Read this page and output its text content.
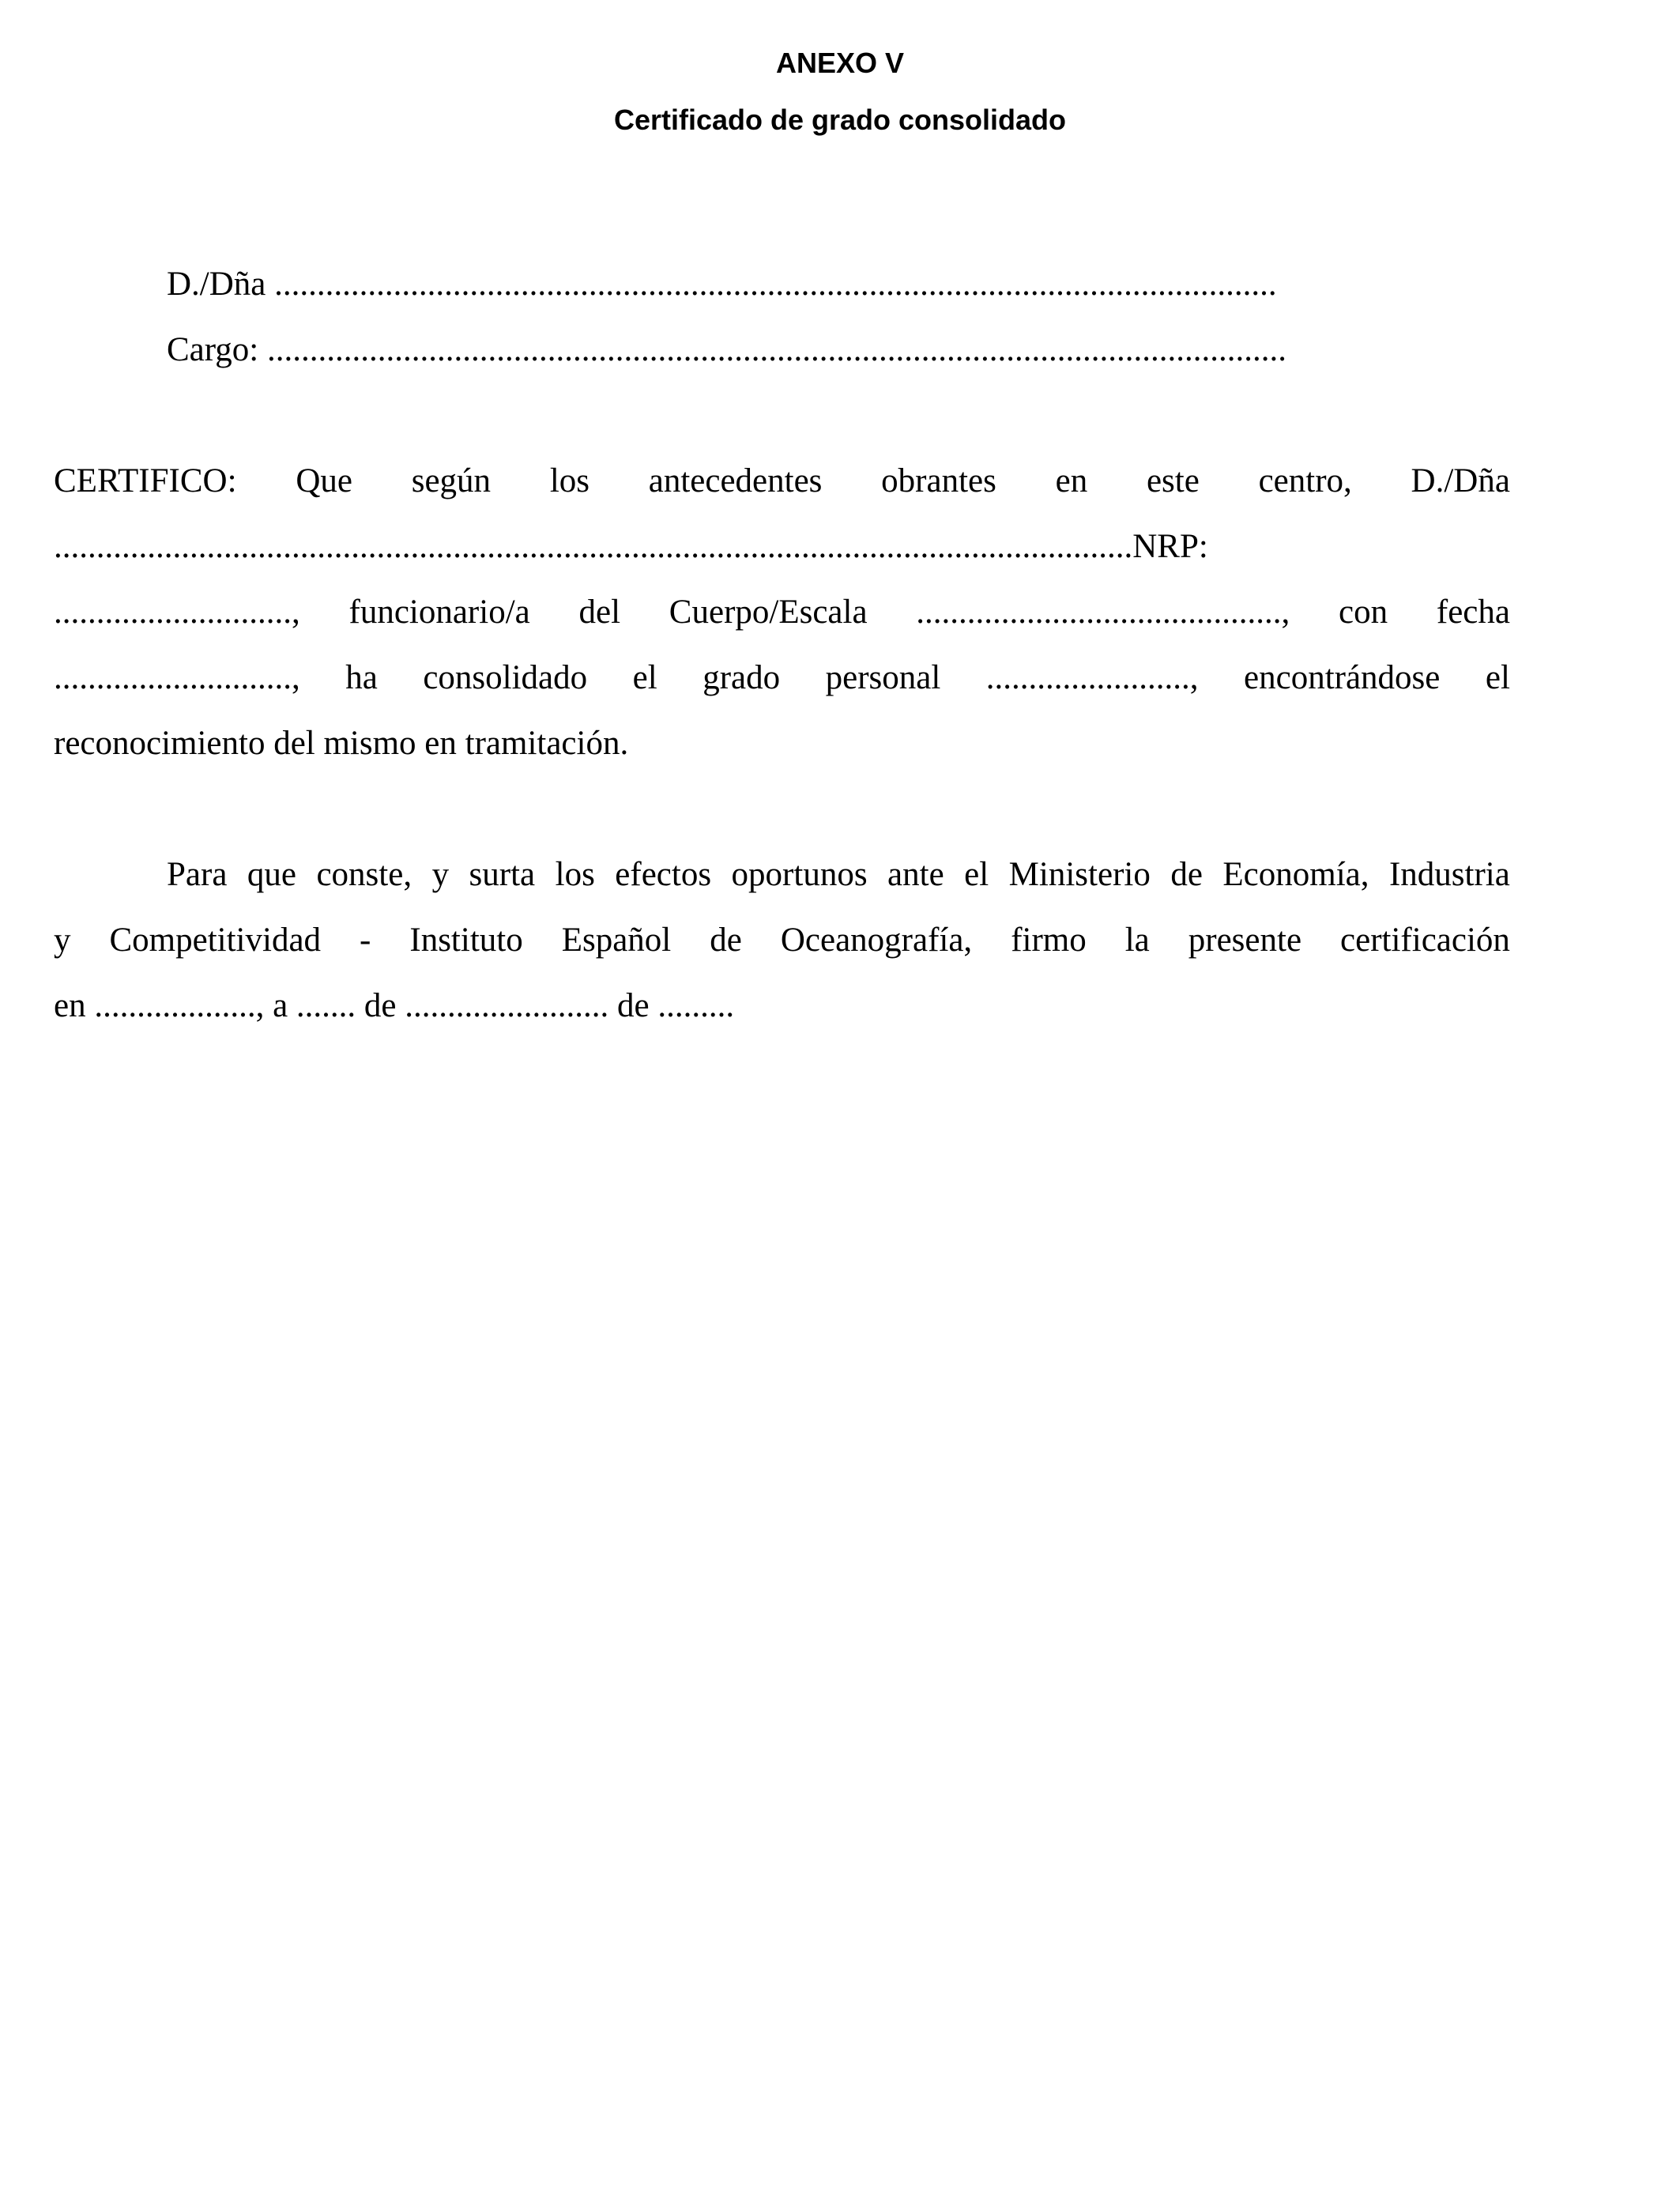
ANEXO V
Certificado de grado consolidado
D./Dña ......................................................................................................................
Cargo: ........................................................................................................................
CERTIFICO: Que según los antecedentes obrantes en este centro, D./Dña
...............................................................................................................................NRP:
............................, funcionario/a del Cuerpo/Escala ..........................................., con fecha
............................, ha consolidado el grado personal ........................, encontrándose el
reconocimiento del mismo en tramitación.
Para que conste, y surta los efectos oportunos ante el Ministerio de Economía, Industria
y Competitividad - Instituto Español de Oceanografía, firmo la presente certificación
en ..................., a ....... de ........................ de .........
